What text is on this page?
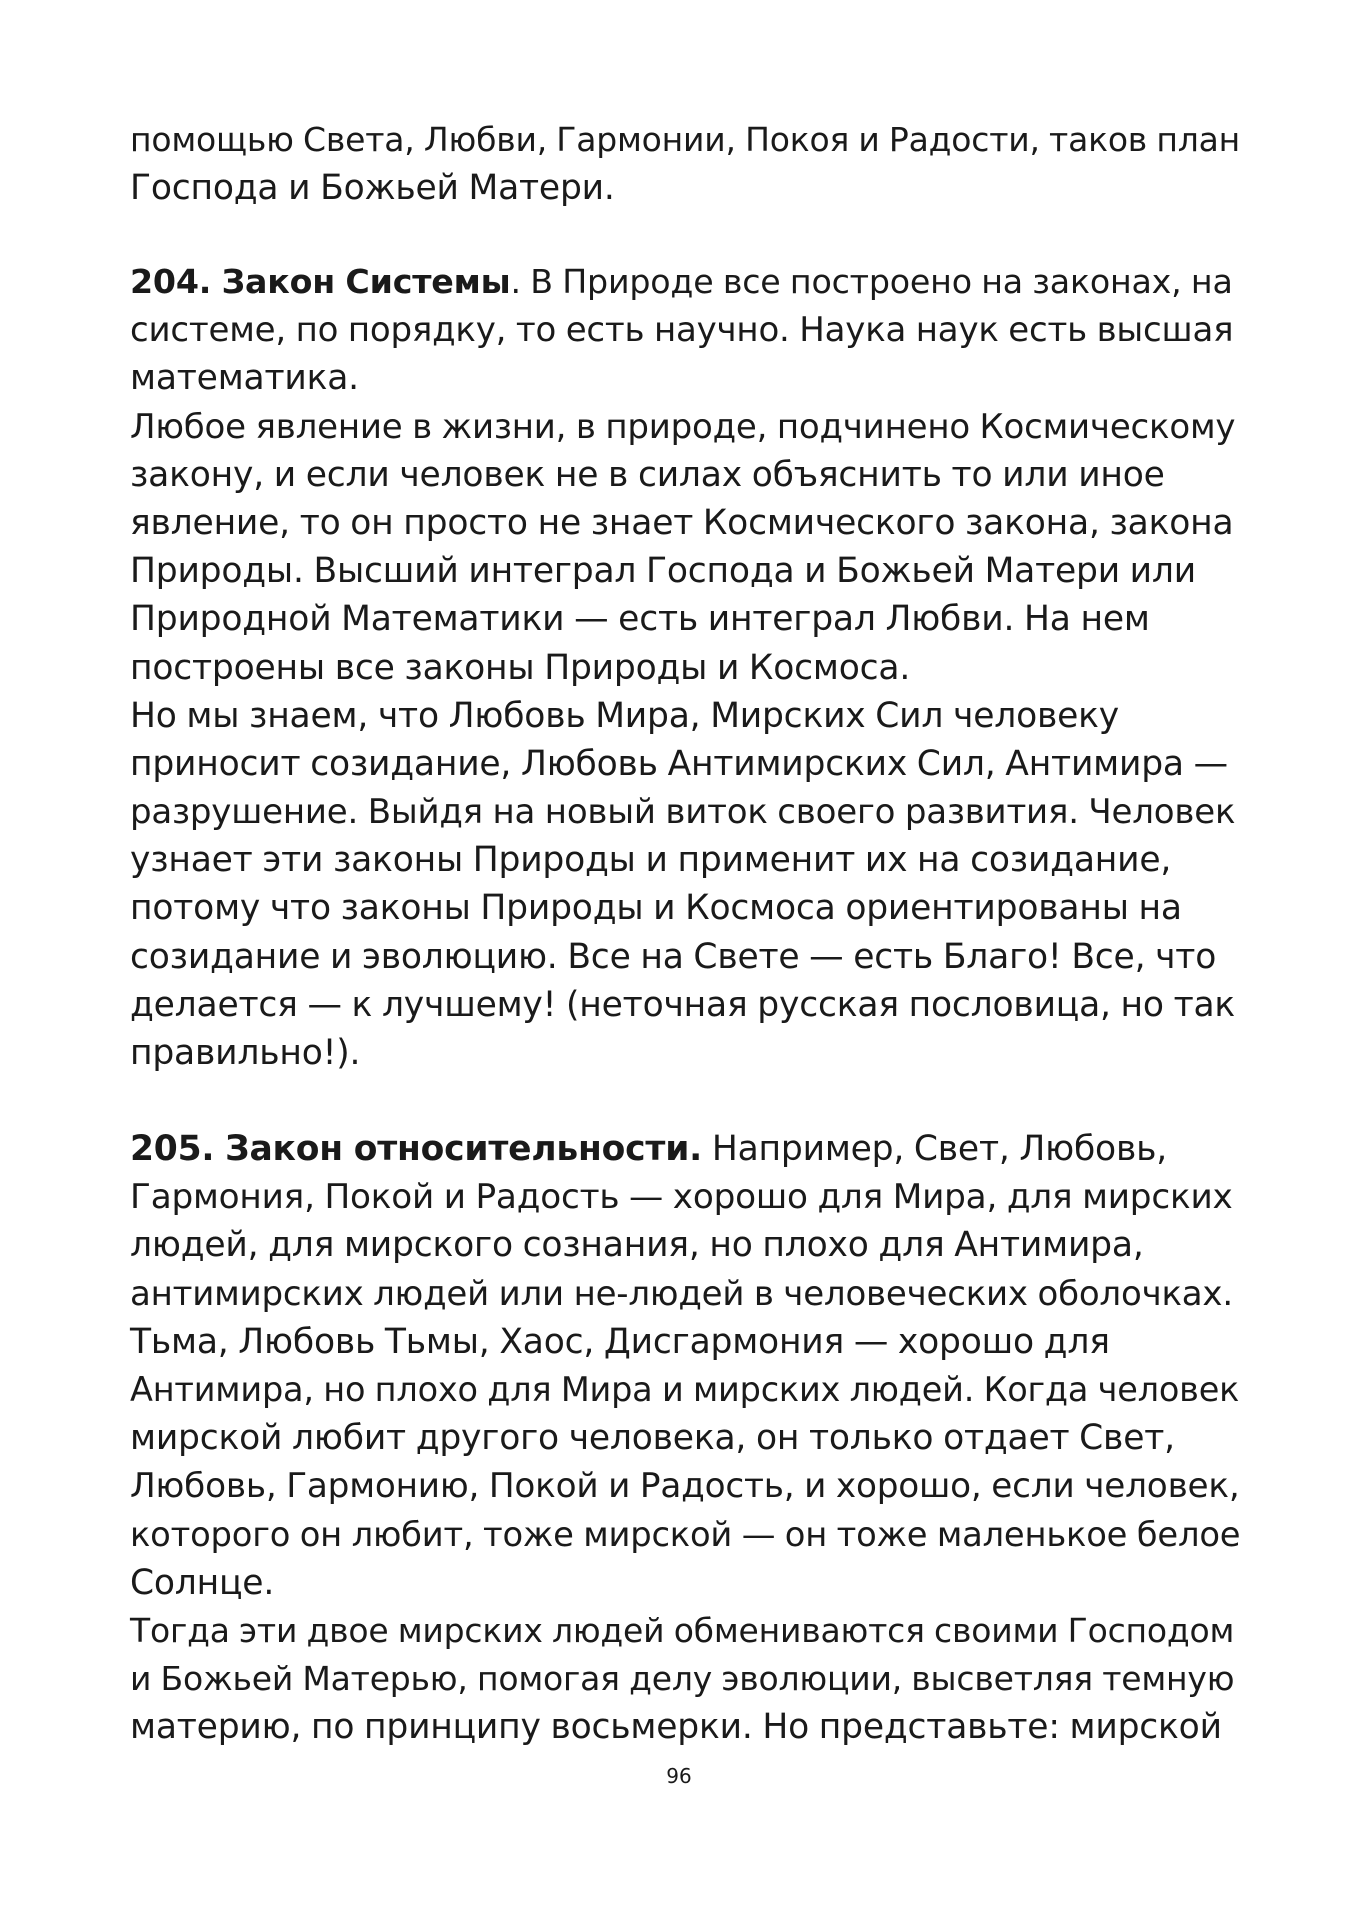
помощью Света, Любви, Гармонии, Покоя и Радости, таков план
Господа и Божьей Матери.
204. Закон Системы. В Природе все построено на законах, на
системе, по порядку, то есть научно. Наука наук есть высшая
математика.
Любое явление в жизни, в природе, подчинено Космическому
закону, и если человек не в силах объяснить то или иное
явление, то он просто не знает Космического закона, закона
Природы. Высший интеграл Господа и Божьей Матери или
Природной Математики — есть интеграл Любви. На нем
построены все законы Природы и Космоса.
Но мы знаем, что Любовь Мира, Мирских Сил человеку
приносит созидание, Любовь Антимирских Сил, Антимира —
разрушение. Выйдя на новый виток своего развития. Человек
узнает эти законы Природы и применит их на созидание,
потому что законы Природы и Космоса ориентированы на
созидание и эволюцию. Все на Свете — есть Благо! Все, что
делается — к лучшему! (неточная русская пословица, но так
правильно!).
205. Закон относительности. Например, Свет, Любовь,
Гармония, Покой и Радость — хорошо для Мира, для мирских
людей, для мирского сознания, но плохо для Антимира,
антимирских людей или не-людей в человеческих оболочках.
Тьма, Любовь Тьмы, Хаос, Дисгармония — хорошо для
Антимира, но плохо для Мира и мирских людей. Когда человек
мирской любит другого человека, он только отдает Свет,
Любовь, Гармонию, Покой и Радость, и хорошо, если человек,
которого он любит, тоже мирской — он тоже маленькое белое
Солнце.
Тогда эти двое мирских людей обмениваются своими Господом
и Божьей Матерью, помогая делу эволюции, высветляя темную
материю, по принципу восьмерки. Но представьте: мирской
96
